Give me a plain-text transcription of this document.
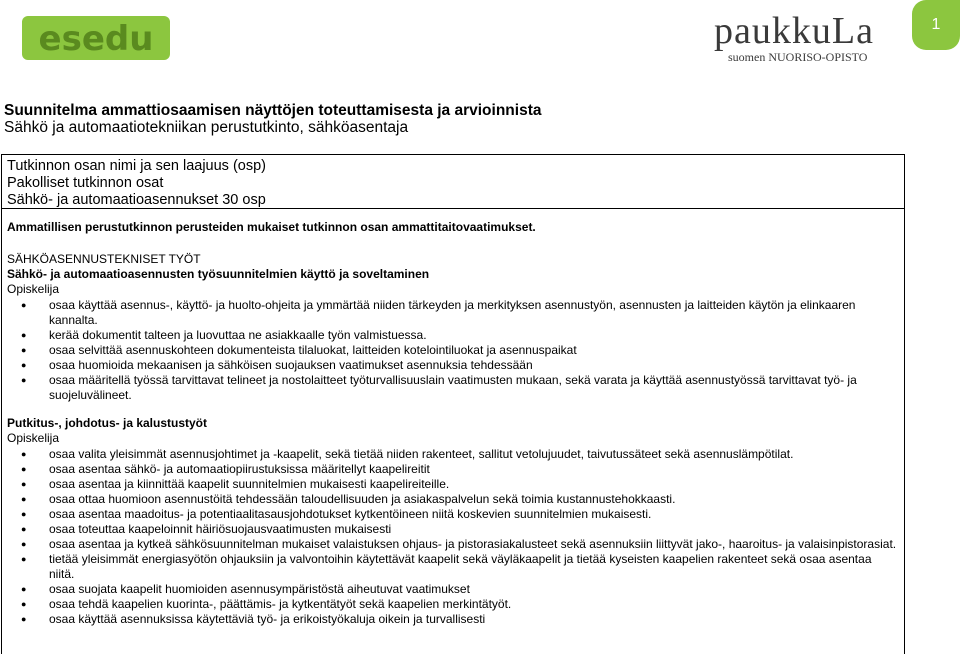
esedu	paukkuLa
suomen NUORISO-OPISTO
1
Suunnitelma ammattiosaamisen näyttöjen toteuttamisesta ja arvioinnista
Sähkö ja automaatiotekniikan perustutkinto, sähköasentaja
Tutkinnon osan nimi ja sen laajuus (osp)
Pakolliset tutkinnon osat
Sähkö- ja automaatioasennukset 30 osp
Ammatillisen perustutkinnon perusteiden mukaiset tutkinnon osan ammattitaitovaatimukset.
SÄHKÖASENNUSTEKNISET TYÖT
Sähkö- ja automaatioasennusten työsuunnitelmien käyttö ja soveltaminen
Opiskelija
● osaa käyttää asennus-, käyttö- ja huolto-ohjeita ja ymmärtää niiden tärkeyden ja merkityksen asennustyön, asennusten ja laitteiden käytön ja elinkaaren kannalta.
● kerää dokumentit talteen ja luovuttaa ne asiakkaalle työn valmistuessa.
● osaa selvittää asennuskohteen dokumenteista tilaluokat, laitteiden kotelointiluokat ja asennuspaikat
● osaa huomioida mekaanisen ja sähköisen suojauksen vaatimukset asennuksia tehdessään
● osaa määritellä työssä tarvittavat telineet ja nostolaitteet työturvallisuuslain vaatimusten mukaan, sekä varata ja käyttää asennustyössä tarvittavat työ- ja suojeluvälineet.
Putkitus-, johdotus- ja kalustustyöt
Opiskelija
● osaa valita yleisimmät asennusjohtimet ja -kaapelit, sekä tietää niiden rakenteet, sallitut vetolujuudet, taivutussäteet sekä asennuslämpötilat.
● osaa asentaa sähkö- ja automaatiopiirustuksissa määritellyt kaapelireitit
● osaa asentaa ja kiinnittää kaapelit suunnitelmien mukaisesti kaapelireiteille.
● osaa ottaa huomioon asennustöitä tehdessään taloudellisuuden ja asiakaspalvelun sekä toimia kustannustehokkaasti.
● osaa asentaa maadoitus- ja potentiaalitasausjohdotukset kytkentöineen niitä koskevien suunnitelmien mukaisesti.
● osaa toteuttaa kaapeloinnit häiriösuojausvaatimusten mukaisesti
● osaa asentaa ja kytkeä sähkösuunnitelman mukaiset valaistuksen ohjaus- ja pistorasiakalusteet sekä asennuksiin liittyvät jako-, haaroitus- ja valaisinpistorasiat.
● tietää yleisimmät energiasyötön ohjauksiin ja valvontoihin käytettävät kaapelit sekä väyläkaapelit ja tietää kyseisten kaapelien rakenteet sekä osaa asentaa niitä.
● osaa suojata kaapelit huomioiden asennusympäristöstä aiheutuvat vaatimukset
● osaa tehdä kaapelien kuorinta-, päättämis- ja kytkentätyöt sekä kaapelien merkintätyöt.
● osaa käyttää asennuksissa käytettäviä työ- ja erikoistyökaluja oikein ja turvallisesti
